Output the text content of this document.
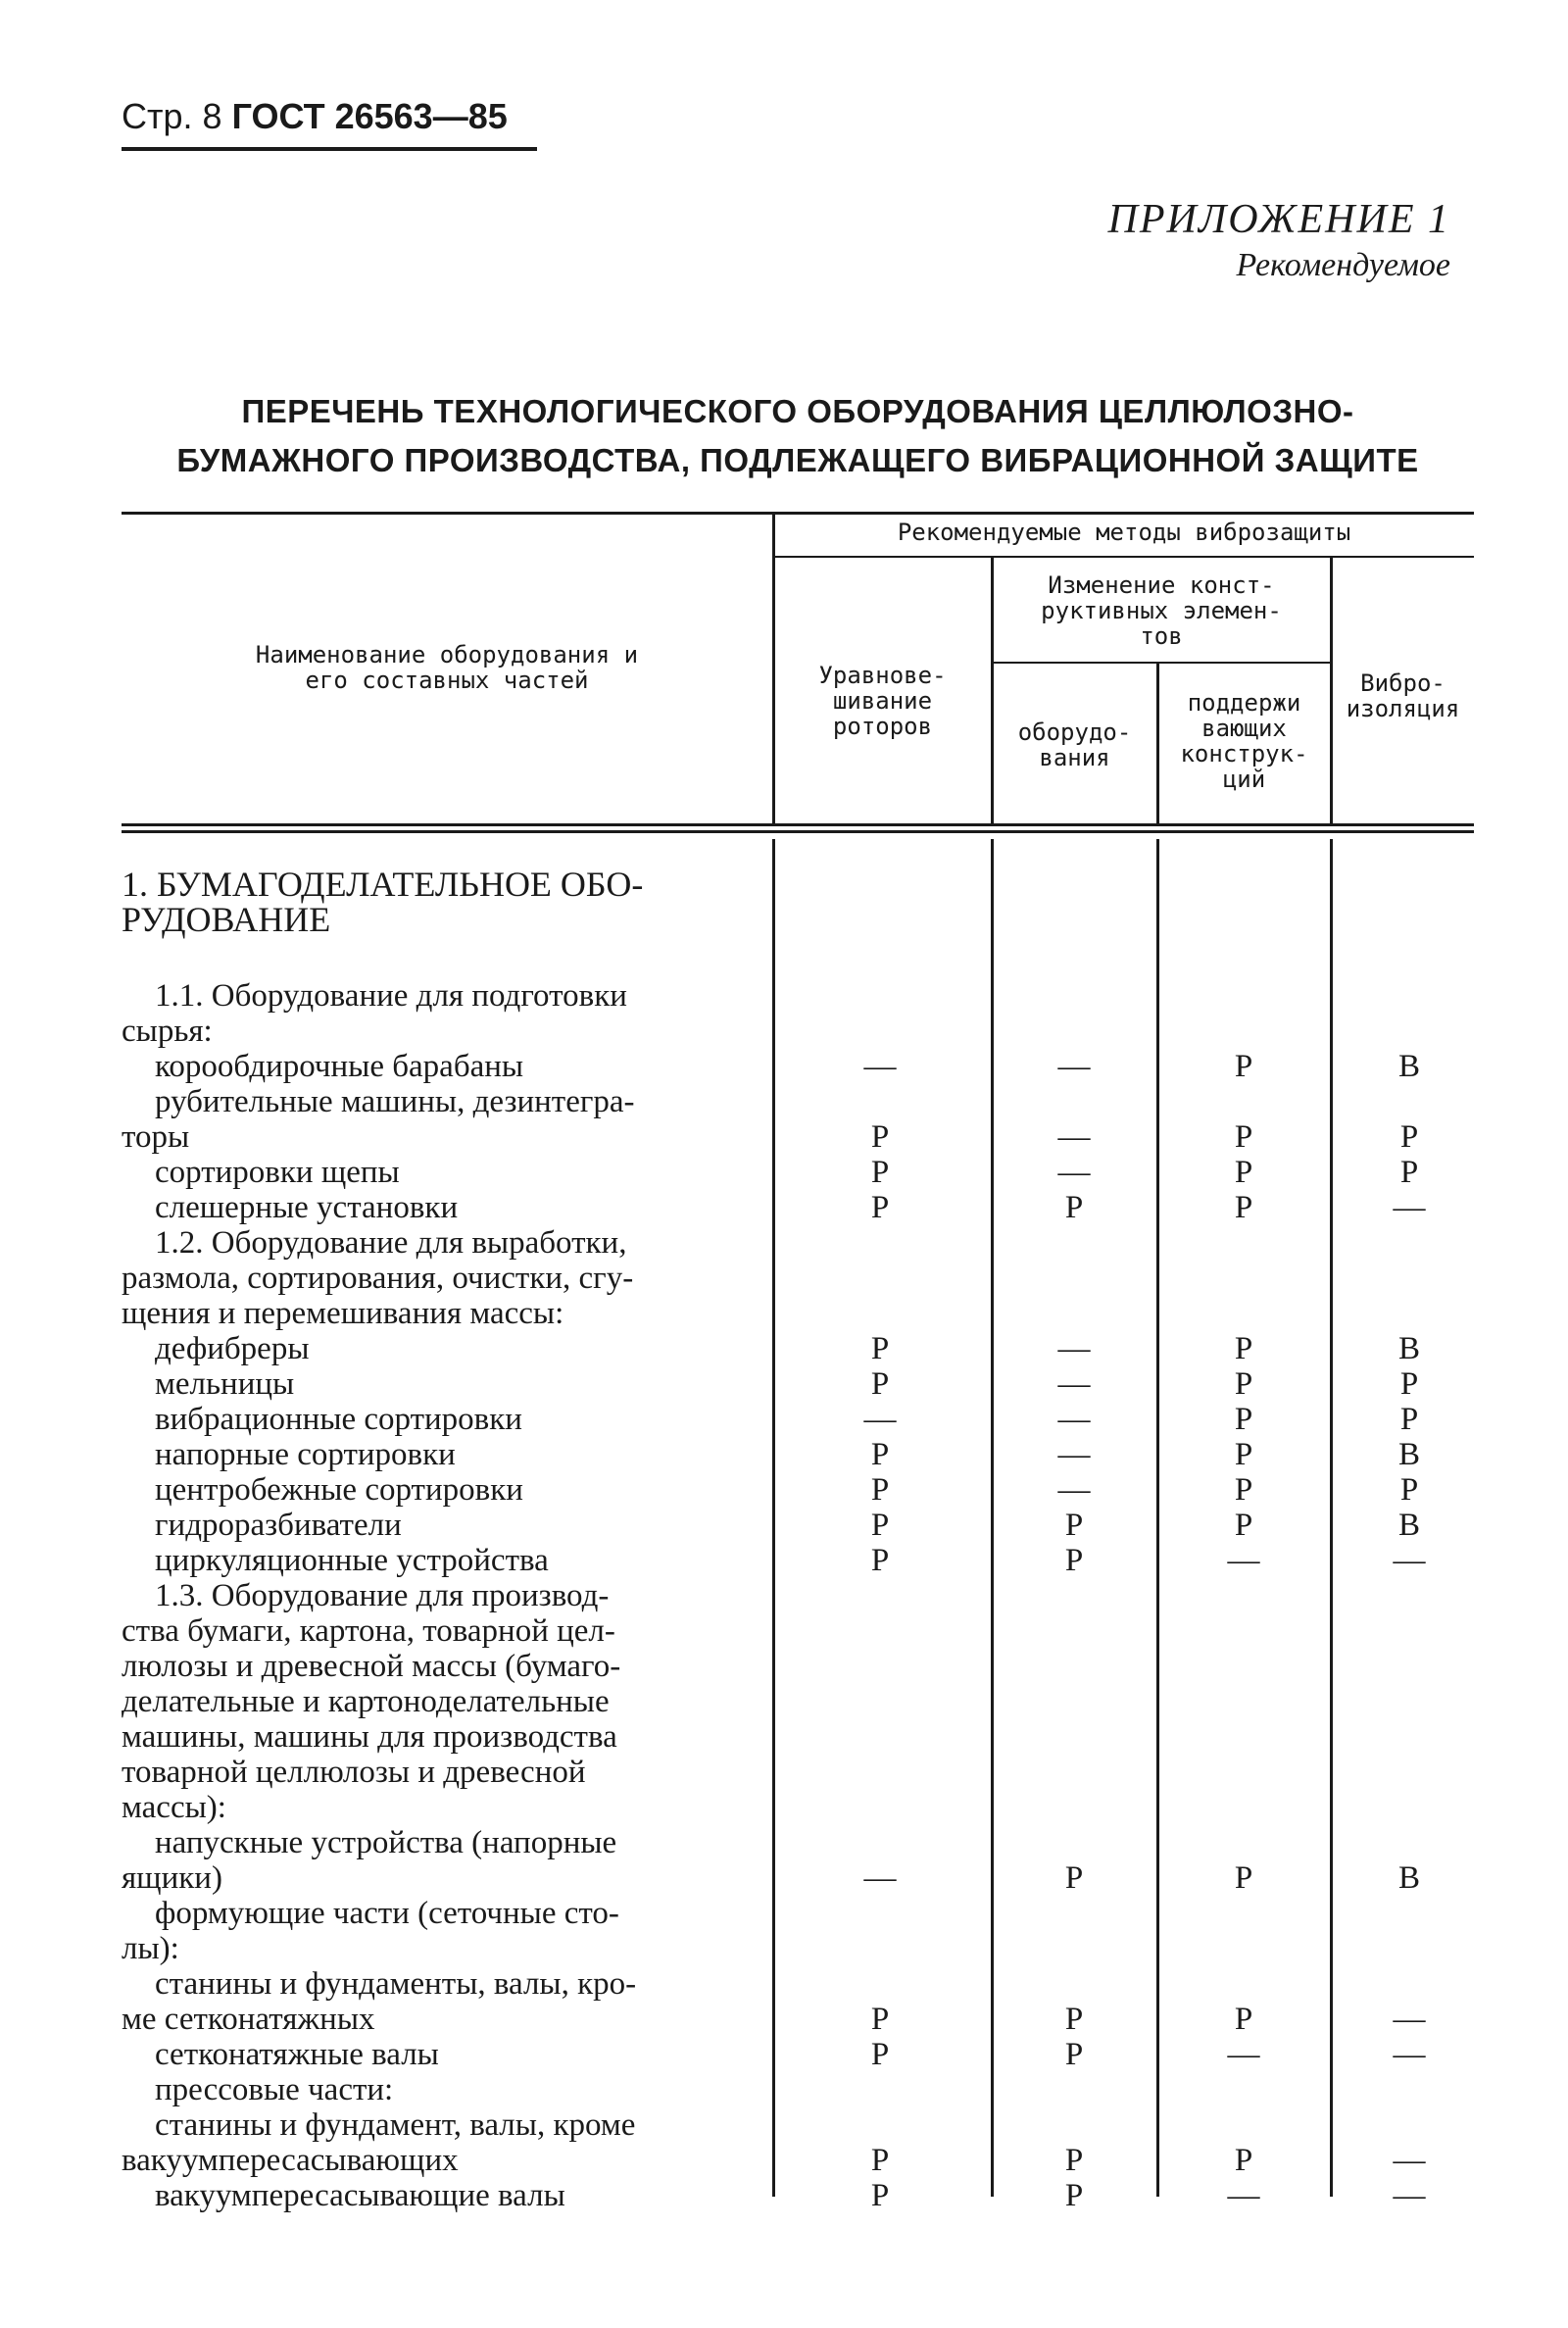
Стр. 8 ГОСТ 26563—85
ПРИЛОЖЕНИЕ 1
Рекомендуемое
ПЕРЕЧЕНЬ ТЕХНОЛОГИЧЕСКОГО ОБОРУДОВАНИЯ ЦЕЛЛЮЛОЗНО-
БУМАЖНОГО ПРОИЗВОДСТВА, ПОДЛЕЖАЩЕГО ВИБРАЦИОННОЙ ЗАЩИТЕ
Наименование оборудования и
его составных частей
Рекомендуемые методы виброзащиты
Уравнове-
шивание
роторов
Изменение конст-
руктивных элемен-
тов
оборудо-
вания
поддержи
вающих
конструк-
ций
Вибро-
изоляция
1. БУМАГОДЕЛАТЕЛЬНОЕ ОБО-
РУДОВАНИЕ
1.1. Оборудование для подготовки
сырья:
корообдирочные барабаны	—	—	Р	В
рубительные машины, дезинтегра-
торы	Р	—	Р	Р
сортировки щепы	Р	—	Р	Р
слешерные установки	Р	Р	Р	—
1.2. Оборудование для выработки,
размола, сортирования, очистки, сгу-
щения и перемешивания массы:
дефибреры	Р	—	Р	В
мельницы	Р	—	Р	Р
вибрационные сортировки	—	—	Р	Р
напорные сортировки	Р	—	Р	В
центробежные сортировки	Р	—	Р	Р
гидроразбиватели	Р	Р	Р	В
циркуляционные устройства	Р	Р	—	—
1.3. Оборудование для производ-
ства бумаги, картона, товарной цел-
люлозы и древесной массы (бумаго-
делательные и картоноделательные
машины, машины для производства
товарной целлюлозы и древесной
массы):
напускные устройства (напорные
ящики)	—	Р	Р	В
формующие части (сеточные сто-
лы):
станины и фундаменты, валы, кро-
ме сетконатяжных	Р	Р	Р	—
сетконатяжные валы	Р	Р	—	—
прессовые части:
станины и фундамент, валы, кроме
вакуумпересасывающих	Р	Р	Р	—
вакуумпересасывающие валы	Р	Р	—	—
